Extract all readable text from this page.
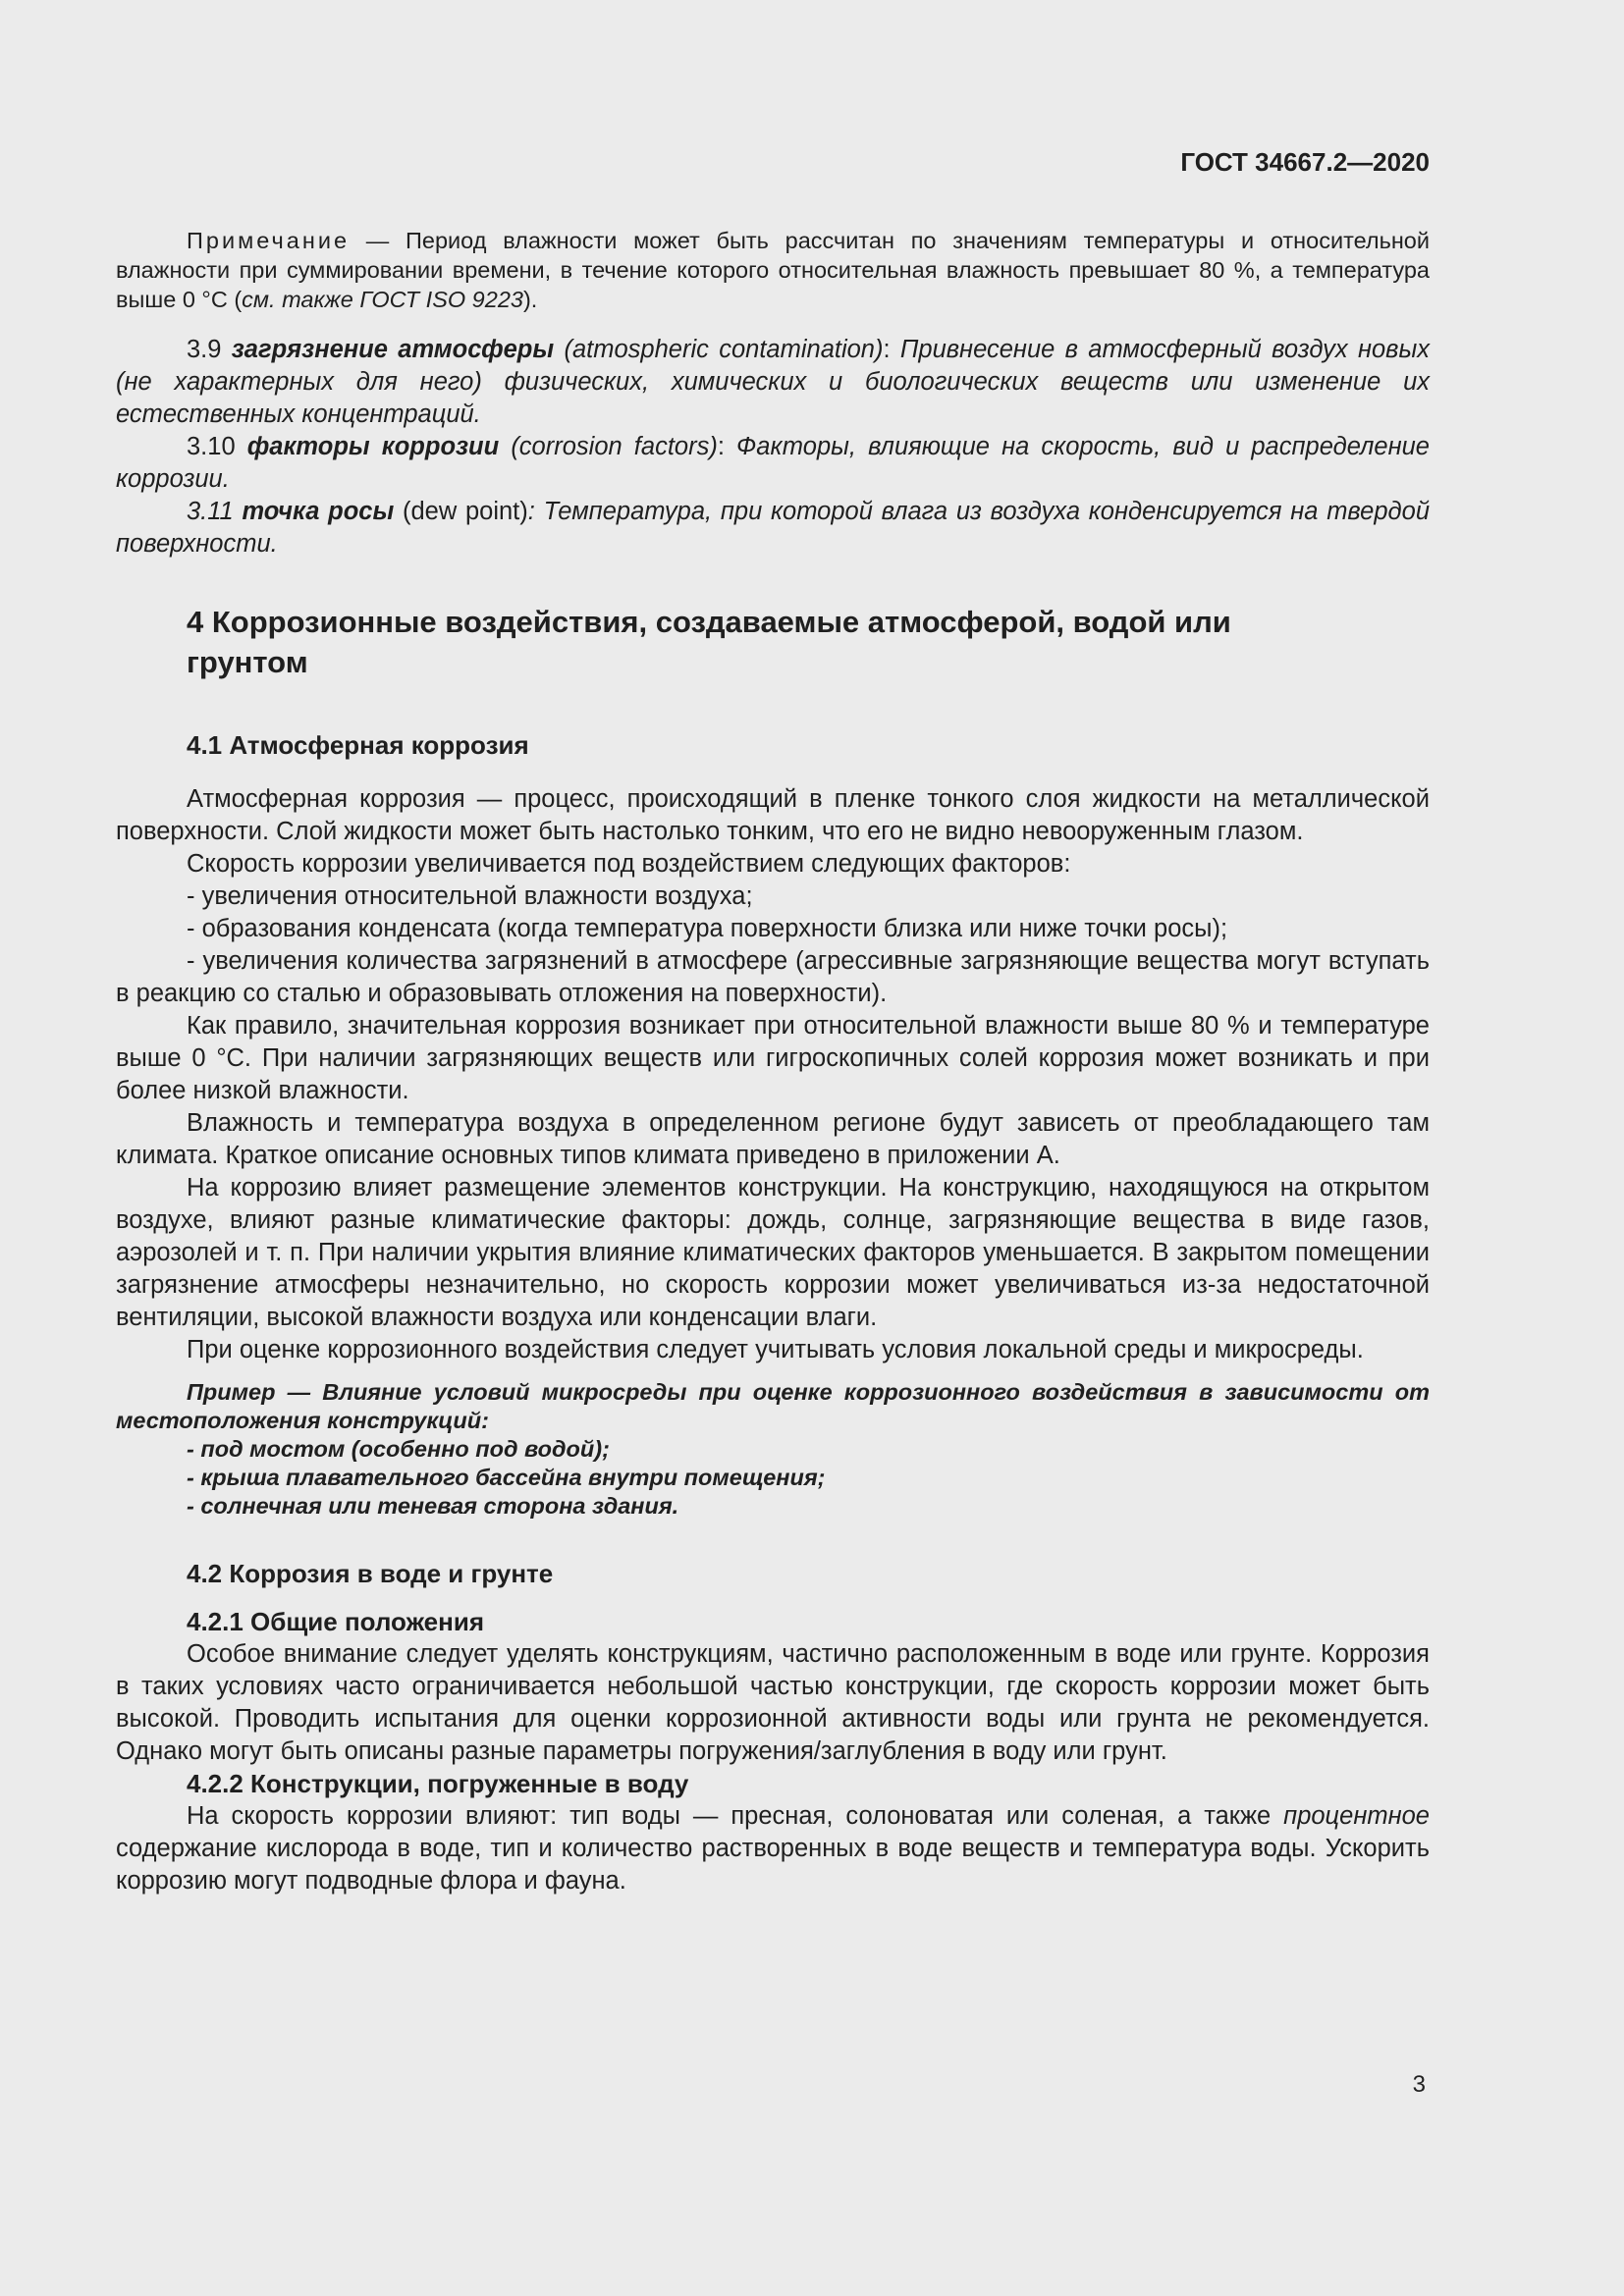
ГОСТ 34667.2—2020

Примечание — Период влажности может быть рассчитан по значениям температуры и относительной влажности при суммировании времени, в течение которого относительная влажность превышает 80 %, а температура выше 0 °С (см. также ГОСТ ISO 9223).

3.9 загрязнение атмосферы (atmospheric contamination): Привнесение в атмосферный воздух новых (не характерных для него) физических, химических и биологических веществ или изменение их естественных концентраций.

3.10 факторы коррозии (corrosion factors): Факторы, влияющие на скорость, вид и распределение коррозии.

3.11 точка росы (dew point): Температура, при которой влага из воздуха конденсируется на твердой поверхности.

4 Коррозионные воздействия, создаваемые атмосферой, водой или грунтом
4.1 Атмосферная коррозия

Атмосферная коррозия — процесс, происходящий в пленке тонкого слоя жидкости на металлической поверхности. Слой жидкости может быть настолько тонким, что его не видно невооруженным глазом.

Скорость коррозии увеличивается под воздействием следующих факторов:

- увеличения относительной влажности воздуха;

- образования конденсата (когда температура поверхности близка или ниже точки росы);

- увеличения количества загрязнений в атмосфере (агрессивные загрязняющие вещества могут вступать в реакцию со сталью и образовывать отложения на поверхности).

Как правило, значительная коррозия возникает при относительной влажности выше 80 % и температуре выше 0 °С. При наличии загрязняющих веществ или гигроскопичных солей коррозия может возникать и при более низкой влажности.

Влажность и температура воздуха в определенном регионе будут зависеть от преобладающего там климата. Краткое описание основных типов климата приведено в приложении А.

На коррозию влияет размещение элементов конструкции. На конструкцию, находящуюся на открытом воздухе, влияют разные климатические факторы: дождь, солнце, загрязняющие вещества в виде газов, аэрозолей и т. п. При наличии укрытия влияние климатических факторов уменьшается. В закрытом помещении загрязнение атмосферы незначительно, но скорость коррозии может увеличиваться из-за недостаточной вентиляции, высокой влажности воздуха или конденсации влаги.

При оценке коррозионного воздействия следует учитывать условия локальной среды и микросреды.

Пример — Влияние условий микросреды при оценке коррозионного воздействия в зависимости от местоположения конструкций:

- под мостом (особенно под водой);

- крыша плавательного бассейна внутри помещения;

- солнечная или теневая сторона здания.

4.2 Коррозия в воде и грунте
4.2.1 Общие положения

Особое внимание следует уделять конструкциям, частично расположенным в воде или грунте. Коррозия в таких условиях часто ограничивается небольшой частью конструкции, где скорость коррозии может быть высокой. Проводить испытания для оценки коррозионной активности воды или грунта не рекомендуется. Однако могут быть описаны разные параметры погружения/заглубления в воду или грунт.

4.2.2 Конструкции, погруженные в воду

На скорость коррозии влияют: тип воды — пресная, солоноватая или соленая, а также процентное содержание кислорода в воде, тип и количество растворенных в воде веществ и температура воды. Ускорить коррозию могут подводные флора и фауна.

3
